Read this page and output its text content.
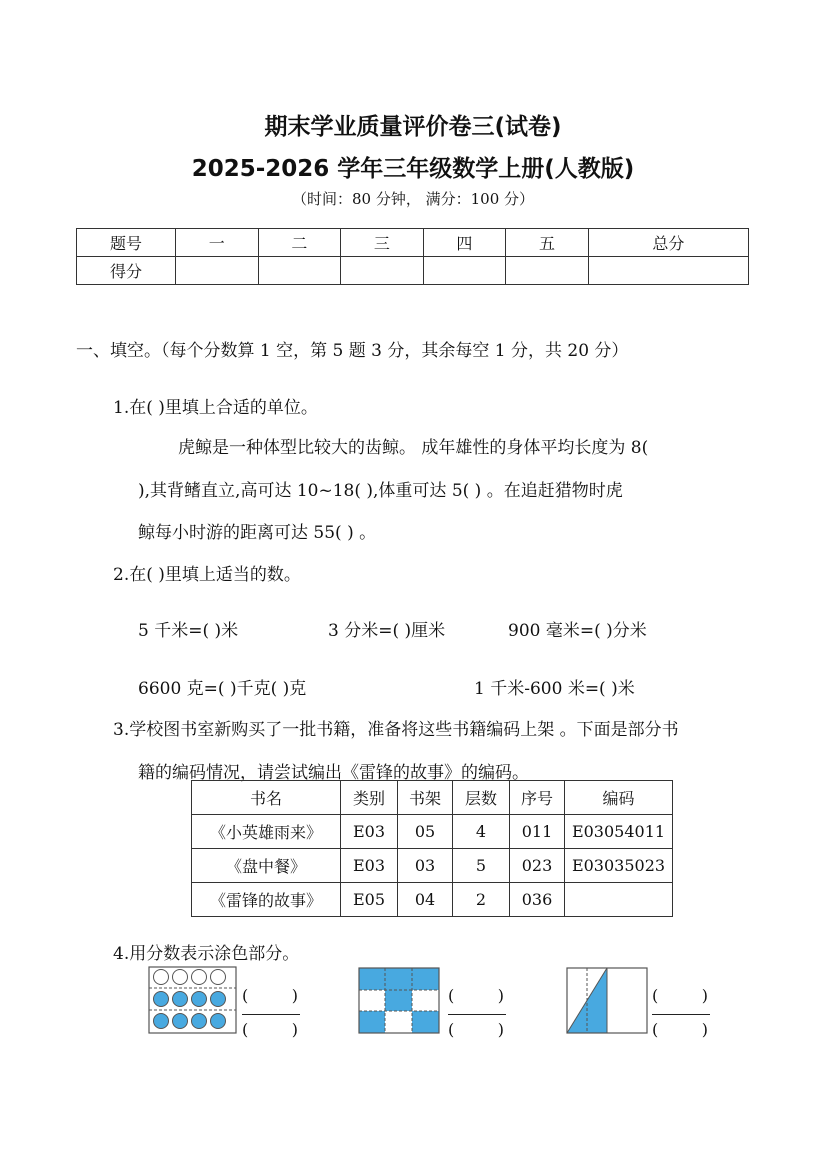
期末学业质量评价卷三(试卷)
2025-2026 学年三年级数学上册(人教版)
（时间：80 分钟， 满分：100 分）
题号	一	二	三	四	五	总分
得分						
一、填空。（每个分数算 1 空，第 5 题 3 分，其余每空 1 分，共 20 分）
1.在( )里填上合适的单位。
虎鲸是一种体型比较大的齿鲸。 成年雄性的身体平均长度为 8(
),其背鳍直立,高可达 10~18( ),体重可达 5( ) 。在追赶猎物时虎
鲸每小时游的距离可达 55( ) 。
2.在( )里填上适当的数。
5 千米=( )米	3 分米=( )厘米	900 毫米=( )分米
6600 克=( )千克( )克	1 千米-600 米=( )米
3.学校图书室新购买了一批书籍，准备将这些书籍编码上架 。下面是部分书
籍的编码情况，请尝试编出《雷锋的故事》的编码。
书名	类别	书架	层数	序号	编码
《小英雄雨来》	E03	05	4	011	E03054011
《盘中餐》	E03	03	5	023	E03035023
《雷锋的故事》	E05	04	2	036	
4.用分数表示涂色部分。
(	)
(	)
(	)
(	)
(	)
(	)
